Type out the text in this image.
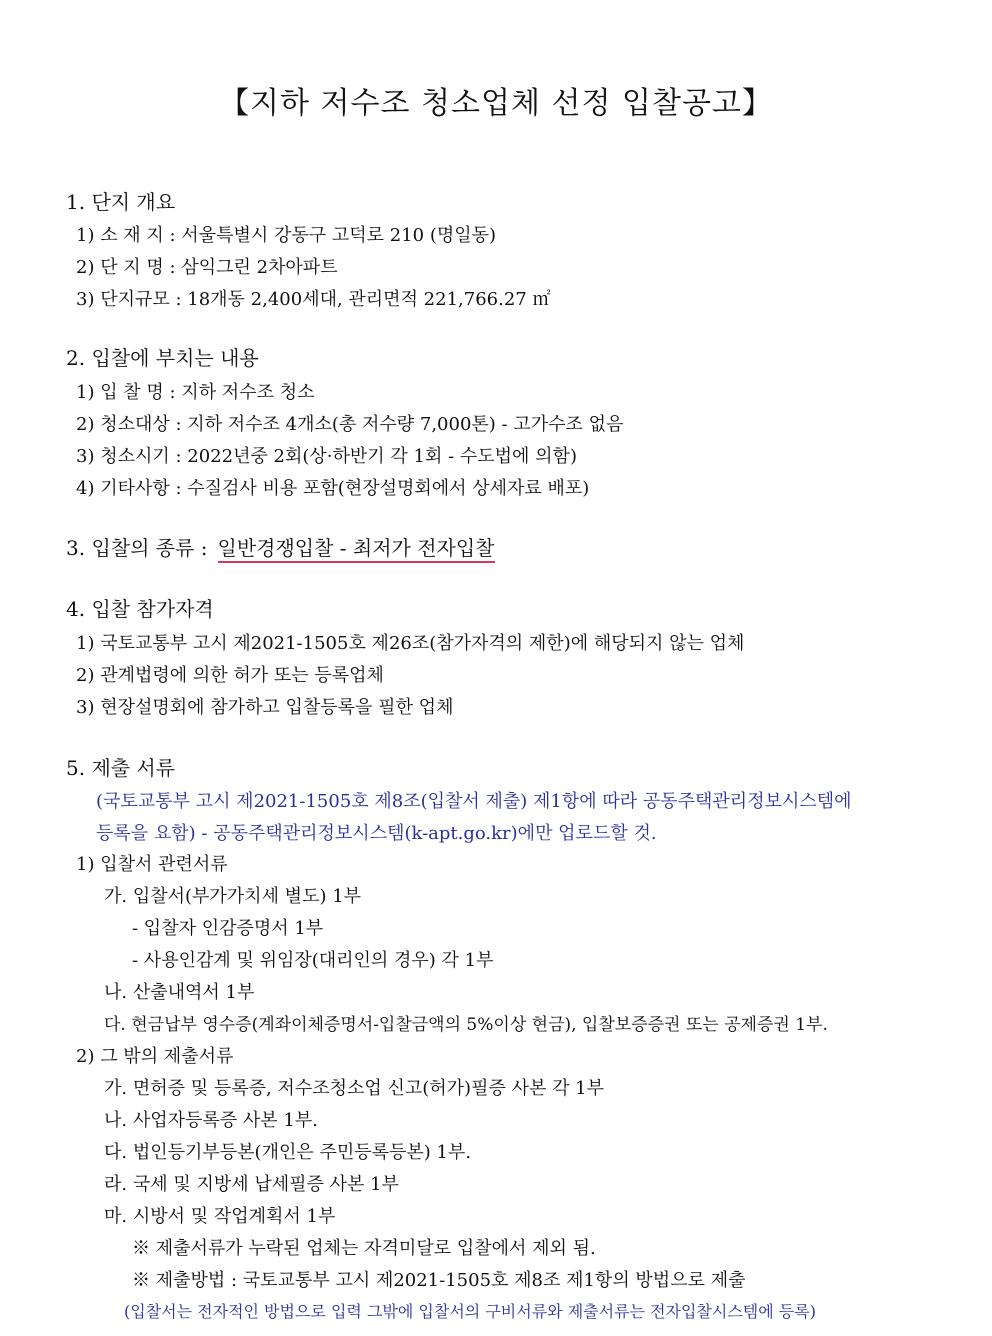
【지하 저수조 청소업체 선정 입찰공고】
1. 단지 개요
1) 소 재 지 : 서울특별시 강동구 고덕로 210 (명일동)
2) 단 지 명 : 삼익그린 2차아파트
3) 단지규모 : 18개동 2,400세대, 관리면적 221,766.27 ㎡
2. 입찰에 부치는 내용
1) 입 찰 명 : 지하 저수조 청소
2) 청소대상 : 지하 저수조 4개소(총 저수량 7,000톤) - 고가수조 없음
3) 청소시기 : 2022년중 2회(상·하반기 각 1회 - 수도법에 의함)
4) 기타사항 : 수질검사 비용 포함(현장설명회에서 상세자료 배포)
3. 입찰의 종류 : 일반경쟁입찰 - 최저가 전자입찰
4. 입찰 참가자격
1) 국토교통부 고시 제2021-1505호 제26조(참가자격의 제한)에 해당되지 않는 업체
2) 관계법령에 의한 허가 또는 등록업체
3) 현장설명회에 참가하고 입찰등록을 필한 업체
5. 제출 서류
(국토교통부 고시 제2021-1505호 제8조(입찰서 제출) 제1항에 따라 공동주택관리정보시스템에
등록을 요함) - 공동주택관리정보시스템(k-apt.go.kr)에만 업로드할 것.
1) 입찰서 관련서류
가. 입찰서(부가가치세 별도) 1부
- 입찰자 인감증명서 1부
- 사용인감계 및 위임장(대리인의 경우) 각 1부
나. 산출내역서 1부
다. 현금납부 영수증(계좌이체증명서-입찰금액의 5%이상 현금), 입찰보증증권 또는 공제증권 1부.
2) 그 밖의 제출서류
가. 면허증 및 등록증, 저수조청소업 신고(허가)필증 사본 각 1부
나. 사업자등록증 사본 1부.
다. 법인등기부등본(개인은 주민등록등본) 1부.
라. 국세 및 지방세 납세필증 사본 1부
마. 시방서 및 작업계획서 1부
※ 제출서류가 누락된 업체는 자격미달로 입찰에서 제외 됨.
※ 제출방법 : 국토교통부 고시 제2021-1505호 제8조 제1항의 방법으로 제출
(입찰서는 전자적인 방법으로 입력 그밖에 입찰서의 구비서류와 제출서류는 전자입찰시스템에 등록)
